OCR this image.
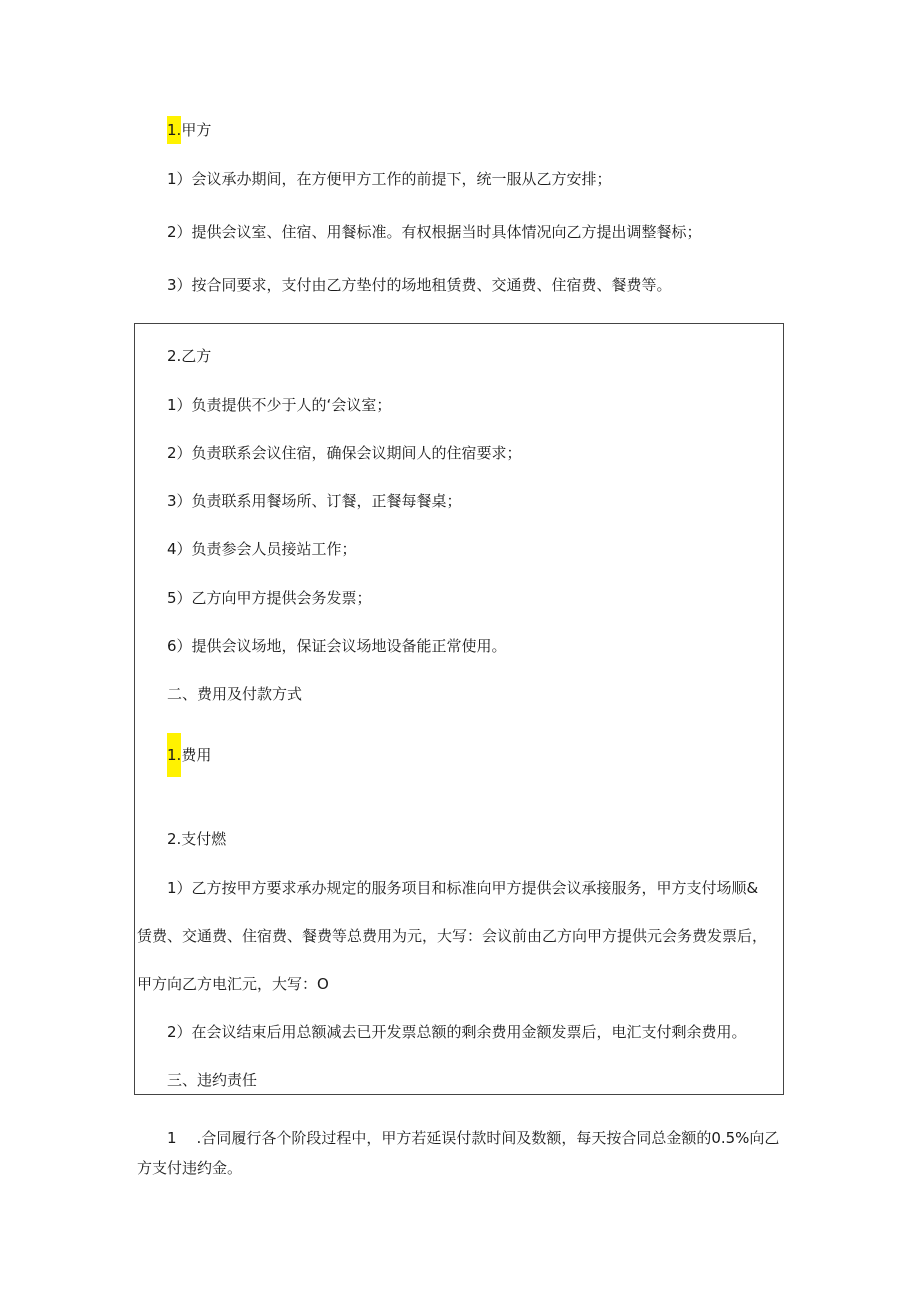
1.甲方

1）会议承办期间，在方便甲方工作的前提下，统一服从乙方安排；

2）提供会议室、住宿、用餐标准。有权根据当时具体情况向乙方提出调整餐标；

3）按合同要求，支付由乙方垫付的场地租赁费、交通费、住宿费、餐费等。

2.乙方

1）负责提供不少于人的‘会议室；

2）负责联系会议住宿，确保会议期间人的住宿要求；

3）负责联系用餐场所、订餐，正餐每餐桌；

4）负责参会人员接站工作；

5）乙方向甲方提供会务发票；

6）提供会议场地，保证会议场地设备能正常使用。

二、费用及付款方式

1.费用

2.支付燃

1）乙方按甲方要求承办规定的服务项目和标准向甲方提供会议承接服务，甲方支付场顺&

赁费、交通费、住宿费、餐费等总费用为元，大写：会议前由乙方向甲方提供元会务费发票后，

甲方向乙方电汇元，大写：O

2）在会议结束后用总额减去已开发票总额的剩余费用金额发票后，电汇支付剩余费用。

三、违约责任

1 .合同履行各个阶段过程中，甲方若延误付款时间及数额，每天按合同总金额的0.5%向乙

方支付违约金。
